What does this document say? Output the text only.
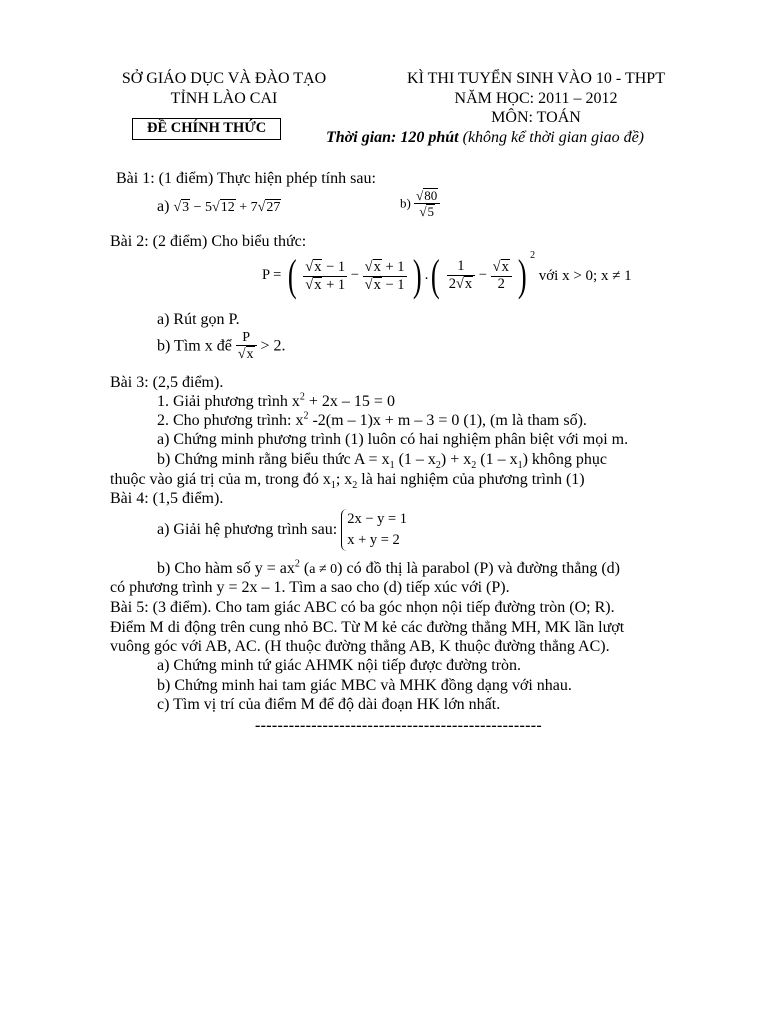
SỞ GIÁO DỤC VÀ ĐÀO TẠO
TỈNH LÀO CAI
ĐỀ CHÍNH THỨC
KÌ THI TUYỂN SINH VÀO 10 - THPT
NĂM HỌC: 2011 – 2012
MÔN: TOÁN
Thời gian: 120 phút (không kể thời gian giao đề)
Bài 1: (1 điểm) Thực hiện phép tính sau:
a) √3 − 5√12 + 7√27	$b) \frac{√80}{√5}$
Bài 2: (2 điểm) Cho biểu thức:
P = ( $\frac{√x - 1}{√x + 1} - \frac{√x + 1}{√x - 1}$ ) .( $\frac{1}{2√x} - \frac{√x}{2}$ ) $^2$ với x > 0; x ≠ 1
a) Rút gọn P.
b) Tìm x để $\frac{P}{√x} > 2$.
Bài 3: (2,5 điểm).
1. Giải phương trình $x^2 + 2x - 15 = 0$
2. Cho phương trình: $x^2$ -2(m – 1)x + m – 3 = 0 (1), (m là tham số).
a) Chứng minh phương trình (1) luôn có hai nghiệm phân biệt với mọi m.
b) Chứng minh rằng biểu thức $A = x_1$ $(1 - x_2) + x_2$ $(1 - x_1)$ không phục
thuộc vào giá trị của m, trong đó $x_1$; $x_2$ là hai nghiệm của phương trình (1)
Bài 4: (1,5 điểm).
a) Giải hệ phương trình sau:
2x − y = 1
x + y = 2
b) Cho hàm số $y = ax^2$ (a ≠ 0) có đồ thị là parabol (P) và đường thẳng (d)
có phương trình y = 2x – 1. Tìm a sao cho (d) tiếp xúc với (P).
Bài 5: (3 điểm). Cho tam giác ABC có ba góc nhọn nội tiếp đường tròn (O; R).
Điểm M di động trên cung nhỏ BC. Từ M kẻ các đường thẳng MH, MK lần lượt
vuông góc với AB, AC. (H thuộc đường thẳng AB, K thuộc đường thẳng AC).
a) Chứng minh tứ giác AHMK nội tiếp được đường tròn.
b) Chứng minh hai tam giác MBC và MHK đồng dạng với nhau.
c) Tìm vị trí của điểm M để độ dài đoạn HK lớn nhất.
---------------------------------------------------
